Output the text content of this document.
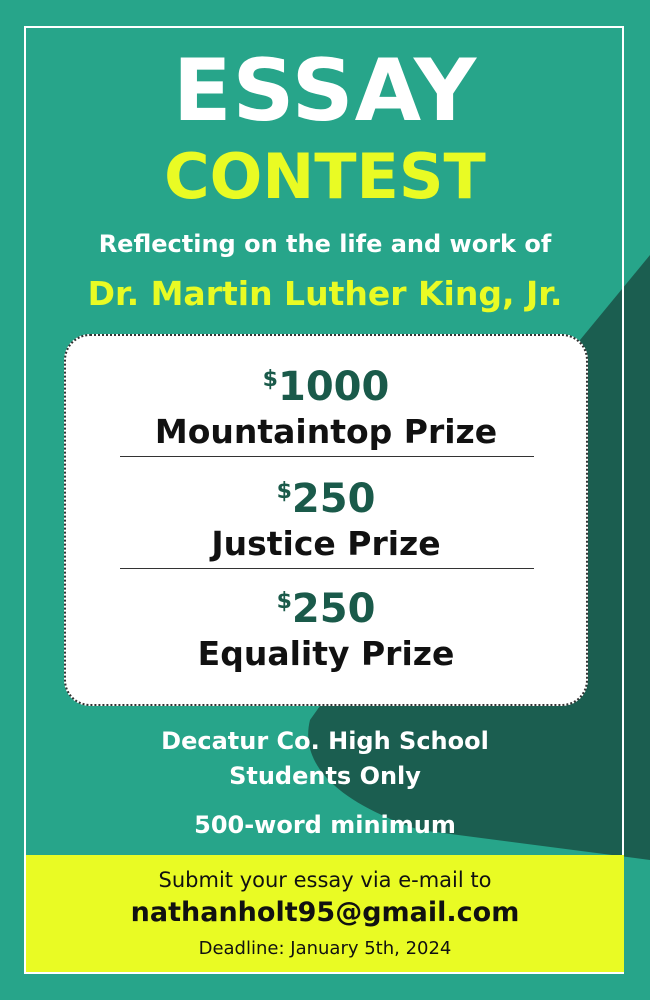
ESSAY
CONTEST
Reflecting on the life and work of
Dr. Martin Luther King, Jr.
$1000
Mountaintop Prize
$250
Justice Prize
$250
Equality Prize
Decatur Co. High School
Students Only
500-word minimum
Submit your essay via e-mail to
nathanholt95@gmail.com
Deadline: January 5th, 2024
